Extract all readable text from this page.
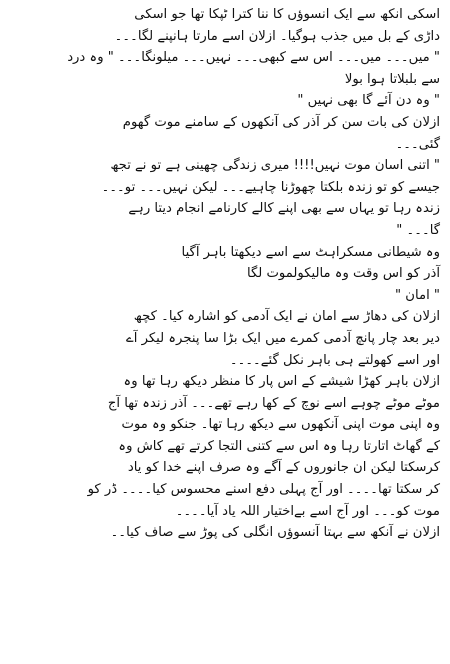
اسکی انکھ سے ایک انسوؤں کا ننا کترا ٹپکا تھا جو اسکی

داڑی کے بل میں جذب ہوگیا۔ ازلان اسے مارتا ہانپنے لگا۔۔۔

" میں۔۔۔ میں۔۔۔ اس سے کبھی۔۔۔ نہیں۔۔۔ میلونگا۔۔۔ " وہ درد

سے بلبلاتا ہوا بولا

" وہ دن آئے گا بھی نہیں "

ازلان کی بات سن کر آذر کی آنکھوں کے سامنے موت گھوم

گئی۔۔۔

" اتنی اسان موت نہیں!!!! میری زندگی چھینی ہے تو نے تجھ

جیسے کو تو زندہ بلکتا چھوڑنا چاہیے۔۔۔ لیکن نہیں۔۔۔ تو۔۔۔

زندہ رہا تو یہاں سے بھی اپنے کالے کارنامے انجام دیتا رہے

گا۔۔۔ "

وہ شیطانی مسکراہٹ سے اسے دیکھتا باہر آگیا

آذر کو اس وقت وہ مالیکولموت لگا

" امان "

ازلان کی دھاڑ سے امان نے ایک آدمی کو اشارہ کیا۔ کچھ

دیر بعد چار پانچ آدمی کمرے میں ایک بڑا سا پنجرہ لیکر آے

اور اسے کھولتے ہی باہر نکل گئے۔۔۔۔

ازلان باہر کھڑا شیشے کے اس پار کا منظر دیکھ رہا تھا وہ

موٹے موٹے چوہے اسے نوچ کے کھا رہے تھے۔۔۔ آذر زندہ تھا آج

وہ اپنی موت اپنی آنکھوں سے دیکھ رہا تھا۔ جنکو وہ موت

کے گھاٹ اتارتا رہا وہ اس سے کتنی التجا کرتے تھے کاش وہ

کرسکتا لیکن ان جانوروں کے آگے وہ صرف اپنے خدا کو یاد

کر سکتا تھا۔۔۔۔ اور آج پہلی دفع اسنے محسوس کیا۔۔۔۔ ڈر کو

موت کو۔۔۔ اور آج اسے بےاختیار اللہ یاد آیا۔۔۔۔

ازلان نے آنکھ سے بہتا آنسوؤں انگلی کی پوڑ سے صاف کیا۔۔
